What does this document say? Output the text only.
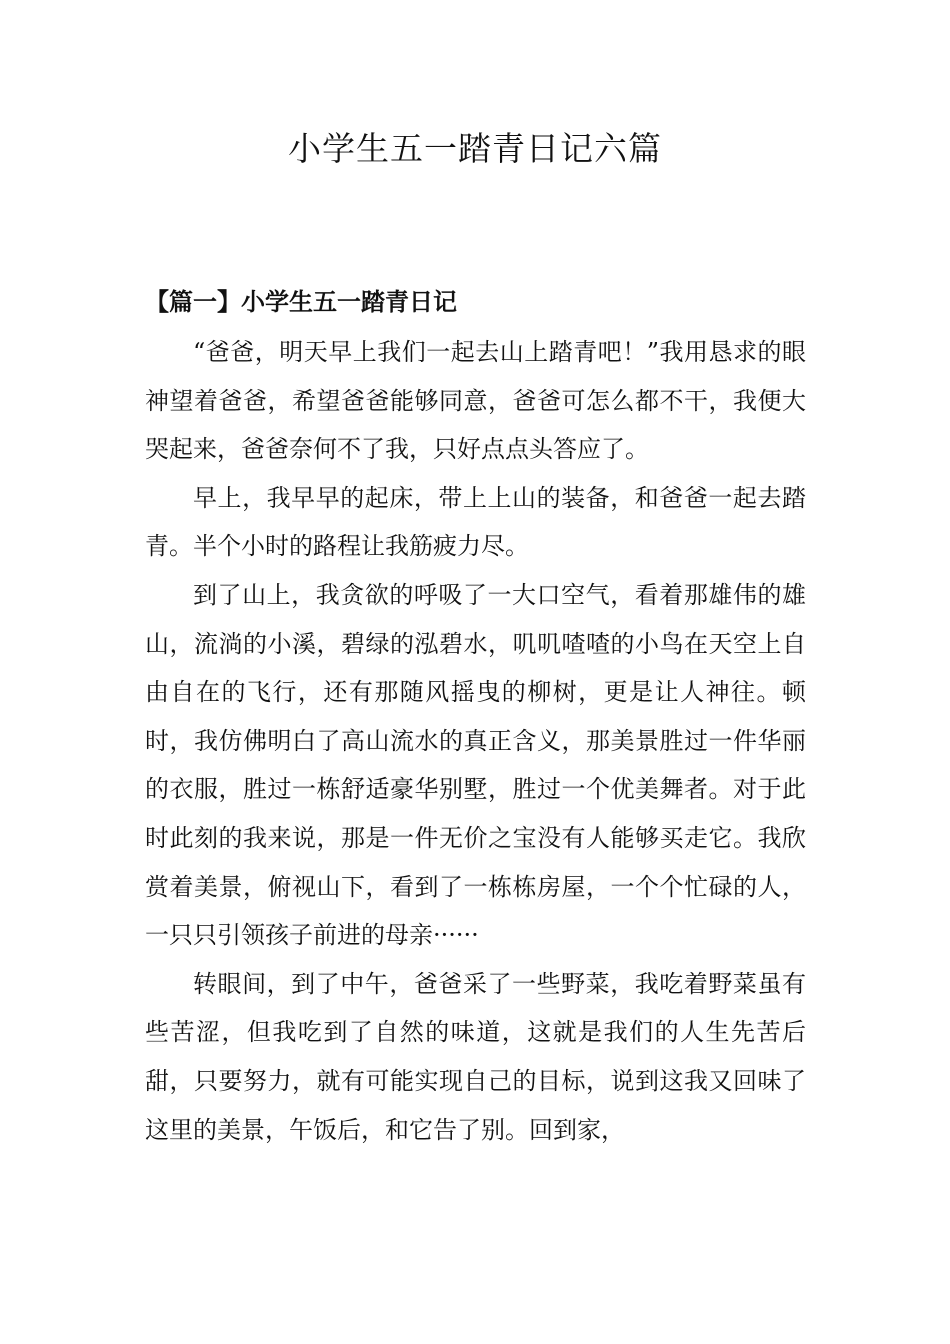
小学生五一踏青日记六篇
【篇一】小学生五一踏青日记

“爸爸，明天早上我们一起去山上踏青吧！”我用恳求的眼神望着爸爸，希望爸爸能够同意，爸爸可怎么都不干，我便大哭起来，爸爸奈何不了我，只好点点头答应了。

早上，我早早的起床，带上上山的装备，和爸爸一起去踏青。半个小时的路程让我筋疲力尽。

到了山上，我贪欲的呼吸了一大口空气，看着那雄伟的雄山，流淌的小溪，碧绿的泓碧水，叽叽喳喳的小鸟在天空上自由自在的飞行，还有那随风摇曳的柳树，更是让人神往。顿时，我仿佛明白了高山流水的真正含义，那美景胜过一件华丽的衣服，胜过一栋舒适豪华别墅，胜过一个优美舞者。对于此时此刻的我来说，那是一件无价之宝没有人能够买走它。我欣赏着美景，俯视山下，看到了一栋栋房屋，一个个忙碌的人，一只只引领孩子前进的母亲······

转眼间，到了中午，爸爸采了一些野菜，我吃着野菜虽有些苦涩，但我吃到了自然的味道，这就是我们的人生先苦后甜，只要努力，就有可能实现自己的目标，说到这我又回味了这里的美景，午饭后，和它告了别。回到家，
